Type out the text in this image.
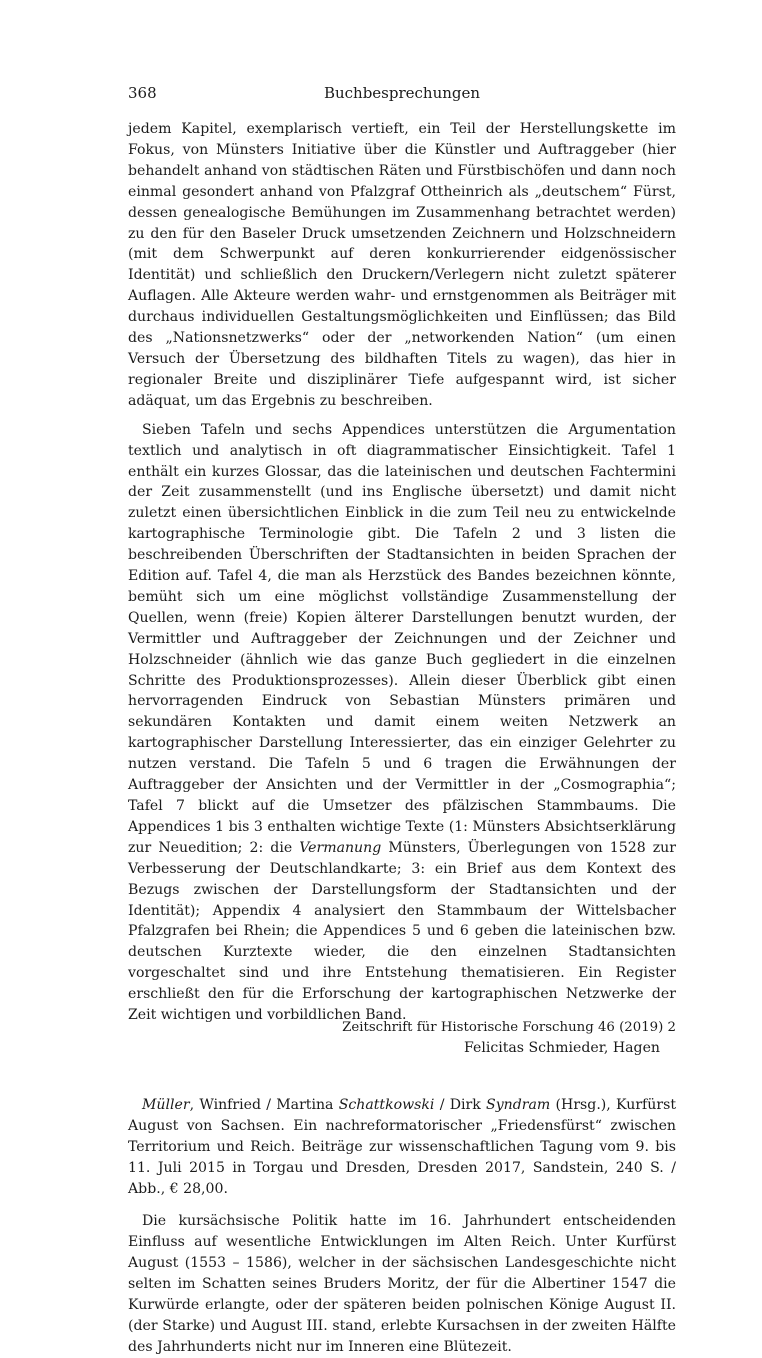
368	Buchbesprechungen

jedem Kapitel, exemplarisch vertieft, ein Teil der Herstellungskette im Fokus, von Münsters Initiative über die Künstler und Auftraggeber (hier behandelt anhand von städtischen Räten und Fürstbischöfen und dann noch einmal gesondert anhand von Pfalzgraf Ottheinrich als „deutschem“ Fürst, dessen genealogische Bemühungen im Zusammenhang betrachtet werden) zu den für den Baseler Druck umsetzenden Zeichnern und Holzschneidern (mit dem Schwerpunkt auf deren konkurrierender eidgenössischer Identität) und schließlich den Druckern/Verlegern nicht zuletzt späterer Auflagen. Alle Akteure werden wahr- und ernstgenommen als Beiträger mit durchaus individuellen Gestaltungsmöglichkeiten und Einflüssen; das Bild des „Nationsnetzwerks“ oder der „networkenden Nation“ (um einen Versuch der Übersetzung des bildhaften Titels zu wagen), das hier in regionaler Breite und disziplinärer Tiefe aufgespannt wird, ist sicher adäquat, um das Ergebnis zu beschreiben.

Sieben Tafeln und sechs Appendices unterstützen die Argumentation textlich und analytisch in oft diagrammatischer Einsichtigkeit. Tafel 1 enthält ein kurzes Glossar, das die lateinischen und deutschen Fachtermini der Zeit zusammenstellt (und ins Englische übersetzt) und damit nicht zuletzt einen übersichtlichen Einblick in die zum Teil neu zu entwickelnde kartographische Terminologie gibt. Die Tafeln 2 und 3 listen die beschreibenden Überschriften der Stadtansichten in beiden Sprachen der Edition auf. Tafel 4, die man als Herzstück des Bandes bezeichnen könnte, bemüht sich um eine möglichst vollständige Zusammenstellung der Quellen, wenn (freie) Kopien älterer Darstellungen benutzt wurden, der Vermittler und Auftraggeber der Zeichnungen und der Zeichner und Holzschneider (ähnlich wie das ganze Buch gegliedert in die einzelnen Schritte des Produktionsprozesses). Allein dieser Überblick gibt einen hervorragenden Eindruck von Sebastian Münsters primären und sekundären Kontakten und damit einem weiten Netzwerk an kartographischer Darstellung Interessierter, das ein einziger Gelehrter zu nutzen verstand. Die Tafeln 5 und 6 tragen die Erwähnungen der Auftraggeber der Ansichten und der Vermittler in der „Cosmographia“; Tafel 7 blickt auf die Umsetzer des pfälzischen Stammbaums. Die Appendices 1 bis 3 enthalten wichtige Texte (1: Münsters Absichtserklärung zur Neuedition; 2: die Vermanung Münsters, Überlegungen von 1528 zur Verbesserung der Deutschlandkarte; 3: ein Brief aus dem Kontext des Bezugs zwischen der Darstellungsform der Stadtansichten und der Identität); Appendix 4 analysiert den Stammbaum der Wittelsbacher Pfalzgrafen bei Rhein; die Appendices 5 und 6 geben die lateinischen bzw. deutschen Kurztexte wieder, die den einzelnen Stadtansichten vorgeschaltet sind und ihre Entstehung thematisieren. Ein Register erschließt den für die Erforschung der kartographischen Netzwerke der Zeit wichtigen und vorbildlichen Band.

Felicitas Schmieder, Hagen
Müller, Winfried / Martina Schattkowski / Dirk Syndram (Hrsg.), Kurfürst August von Sachsen. Ein nachreformatorischer „Friedensfürst“ zwischen Territorium und Reich. Beiträge zur wissenschaftlichen Tagung vom 9. bis 11. Juli 2015 in Torgau und Dresden, Dresden 2017, Sandstein, 240 S. / Abb., € 28,00.
Die kursächsische Politik hatte im 16. Jahrhundert entscheidenden Einfluss auf wesentliche Entwicklungen im Alten Reich. Unter Kurfürst August (1553 – 1586), welcher in der sächsischen Landesgeschichte nicht selten im Schatten seines Bruders Moritz, der für die Albertiner 1547 die Kurwürde erlangte, oder der späteren beiden polnischen Könige August II. (der Starke) und August III. stand, erlebte Kursachsen in der zweiten Hälfte des Jahrhunderts nicht nur im Inneren eine Blütezeit.
Zeitschrift für Historische Forschung 46 (2019) 2
